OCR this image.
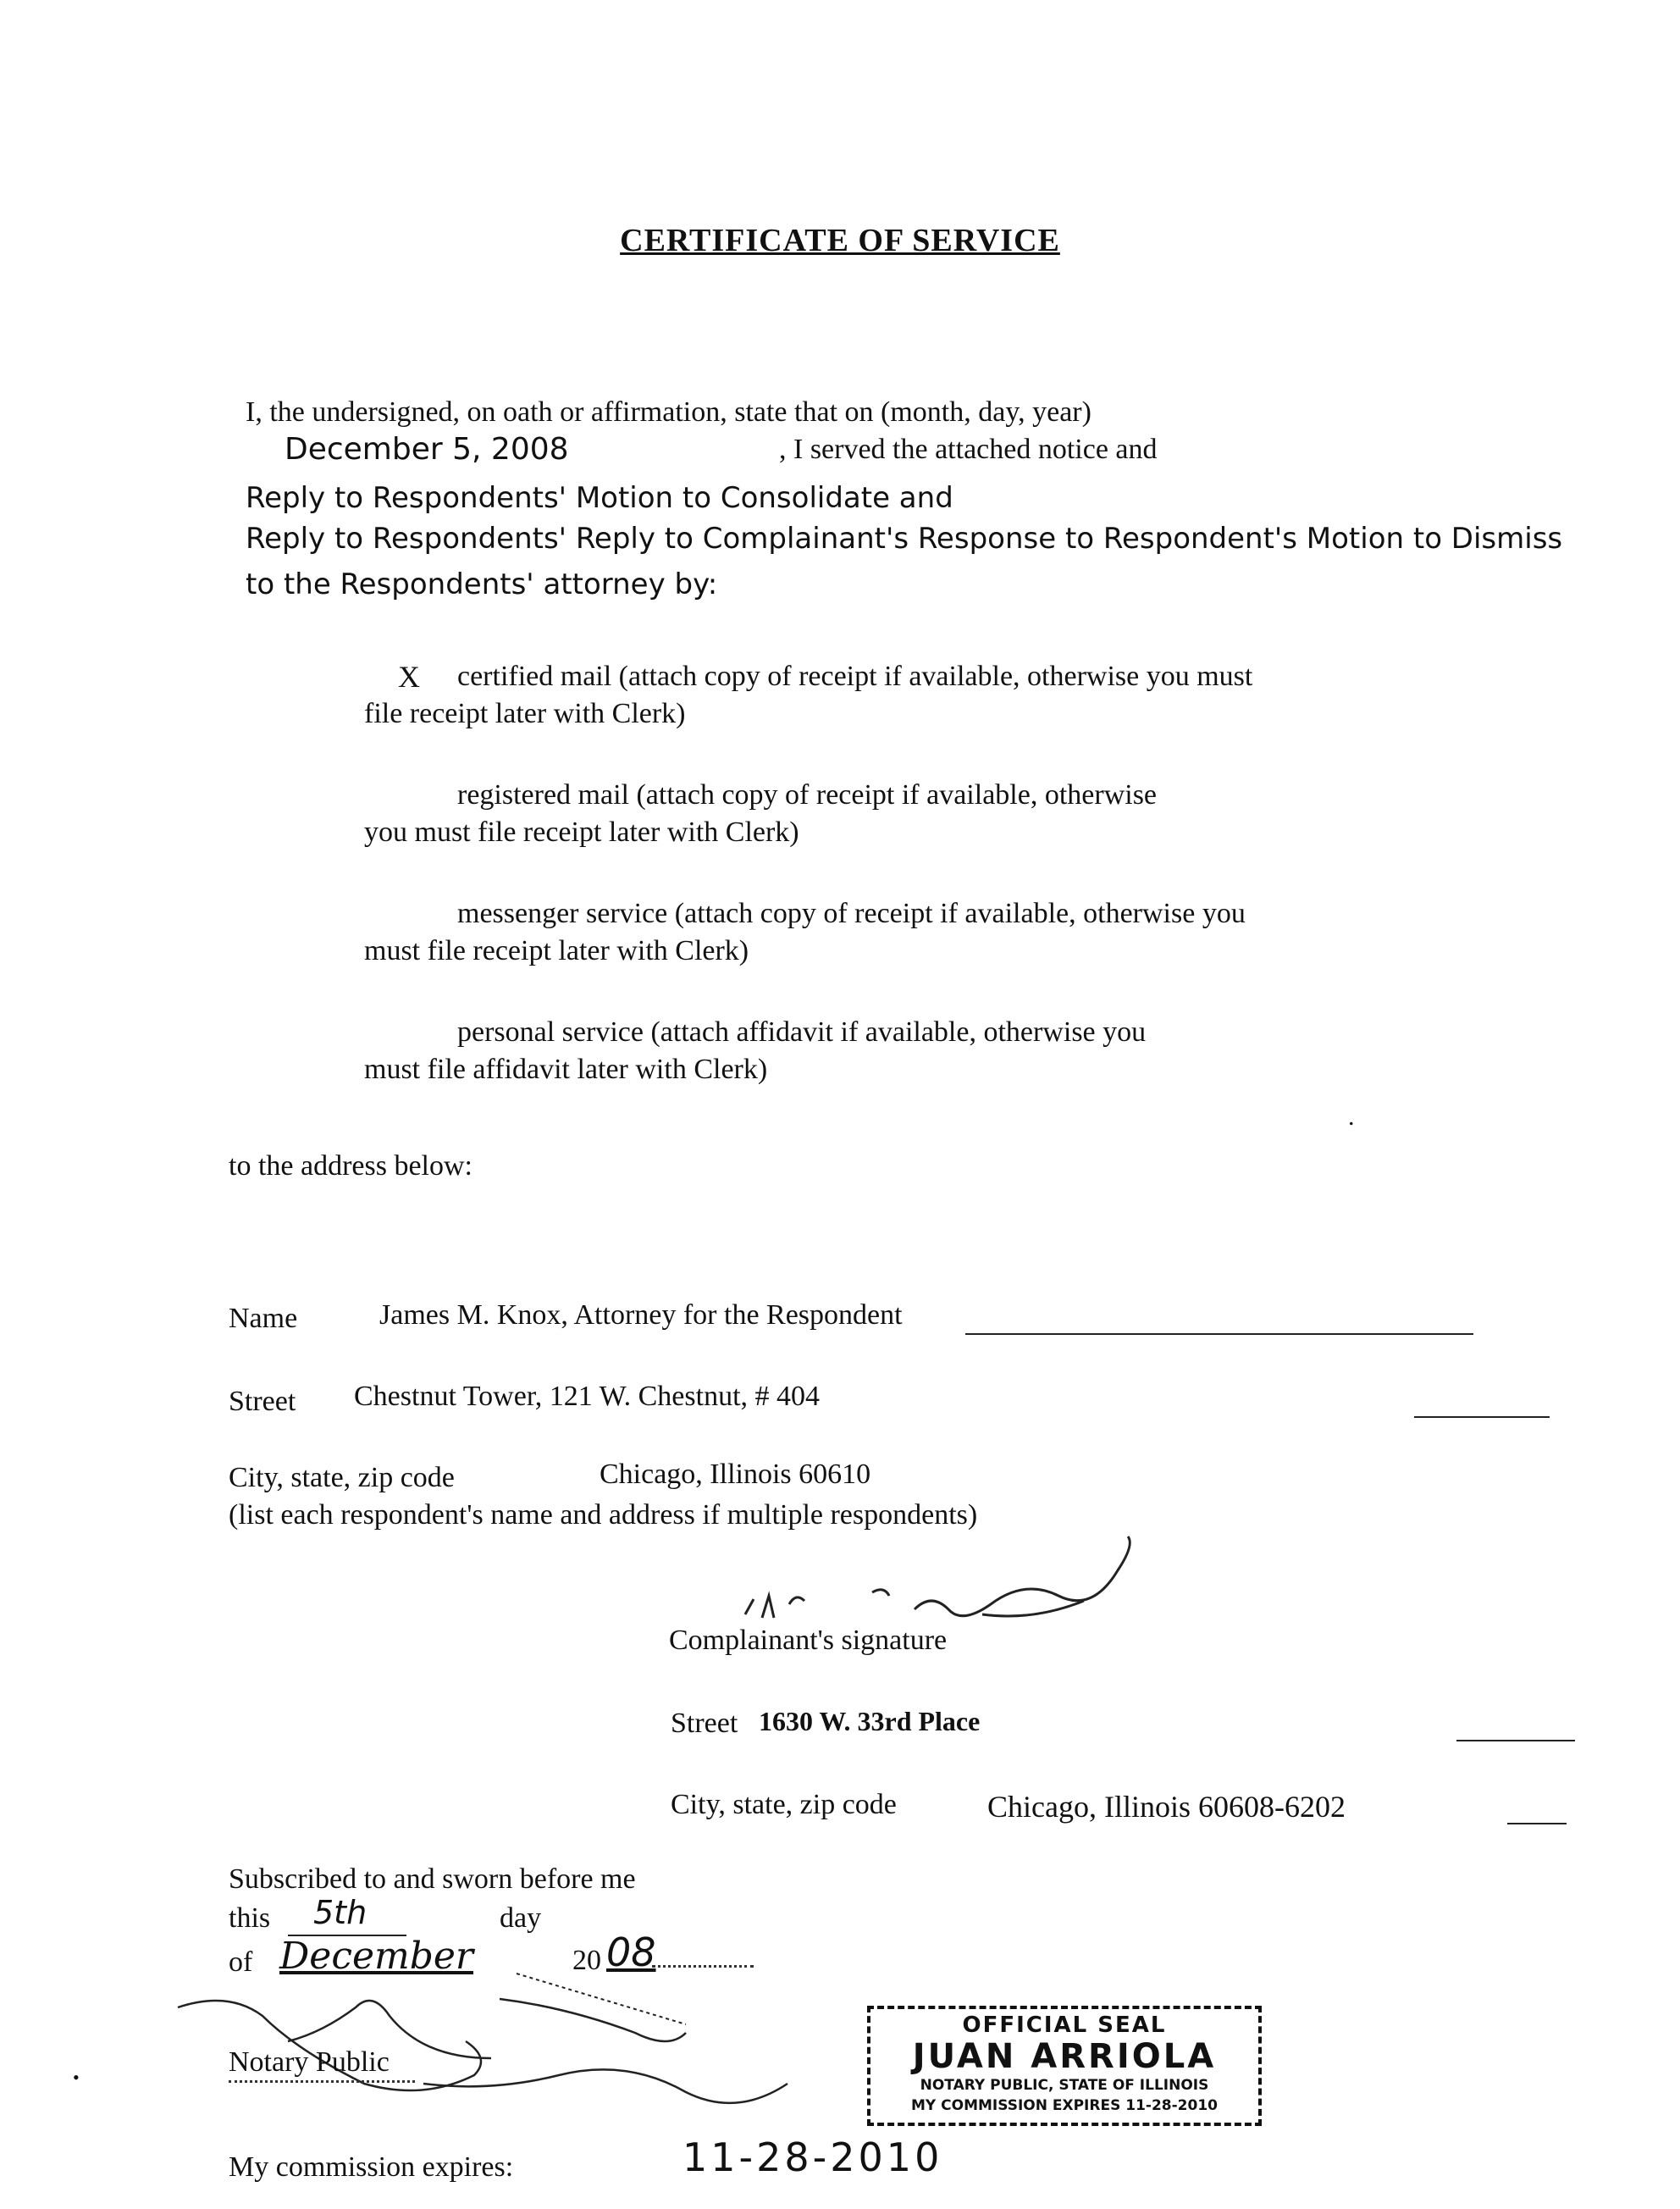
CERTIFICATE OF SERVICE
I, the undersigned, on oath or affirmation, state that on (month, day, year)
December 5, 2008	, I served the attached notice and
Reply to Respondents' Motion to Consolidate and
Reply to Respondents' Reply to Complainant's Response to Respondent's Motion to Dismiss
to the Respondents' attorney by:
X certified mail (attach copy of receipt if available, otherwise you must
file receipt later with Clerk)
registered mail (attach copy of receipt if available, otherwise
you must file receipt later with Clerk)
messenger service (attach copy of receipt if available, otherwise you
must file receipt later with Clerk)
personal service (attach affidavit if available, otherwise you
must file affidavit later with Clerk)
.
to the address below:
Name	James M. Knox, Attorney for the Respondent
Street Chestnut Tower, 121 W. Chestnut, # 404
City, state, zip code	Chicago, Illinois 60610
(list each respondent's name and address if multiple respondents)
Complainant's signature
Street 1630 W. 33rd Place
City, state, zip code	Chicago, Illinois 60608-6202
Subscribed to and sworn before me
this 5th	day
of December	20 08
Notary Public
•
My commission expires:	11-28-2010
OFFICIAL SEAL
JUAN ARRIOLA
NOTARY PUBLIC, STATE OF ILLINOIS
MY COMMISSION EXPIRES 11-28-2010
